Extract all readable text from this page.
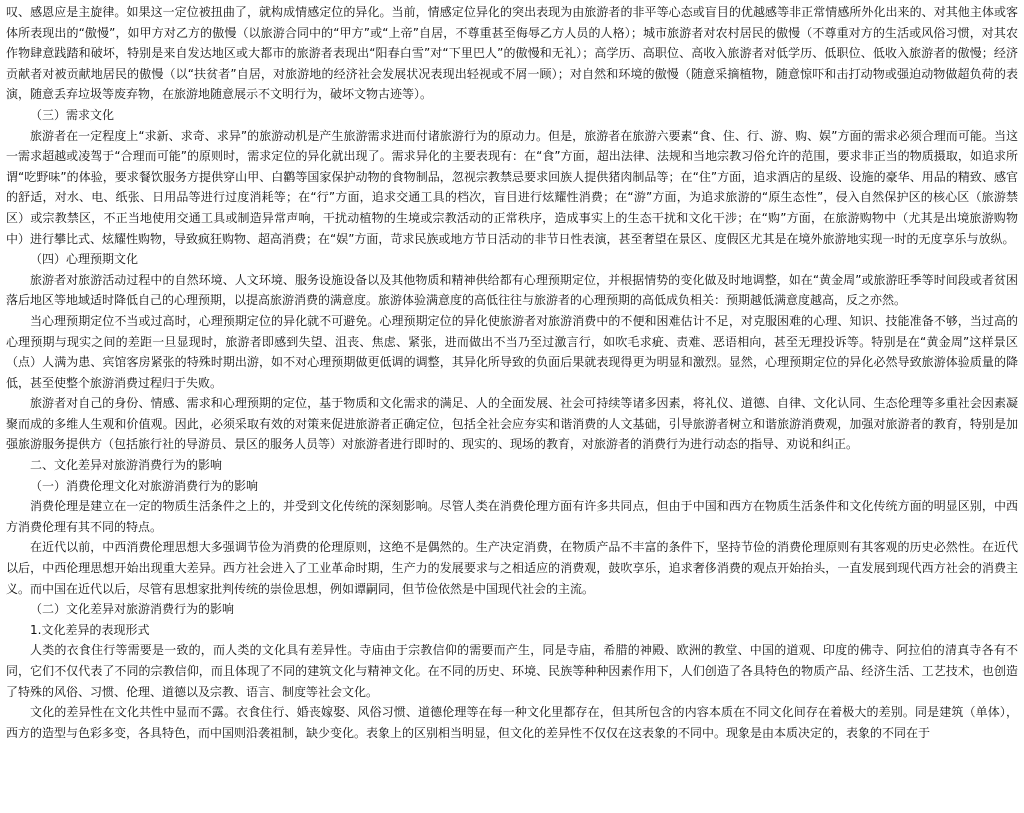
叹、感恩应是主旋律。如果这一定位被扭曲了，就构成情感定位的异化。当前，情感定位异化的突出表现为由旅游者的非平等心态或盲目的优越感等非正常情感所外化出来的、对其他主体或客体所表现出的“傲慢”，如甲方对乙方的傲慢（以旅游合同中的“甲方”或“上帝”自居，不尊重甚至侮辱乙方人员的人格）；城市旅游者对农村居民的傲慢（不尊重对方的生活或风俗习惯，对其农作物肆意践踏和破坏，特别是来自发达地区或大都市的旅游者表现出“阳春白雪”对“下里巴人”的傲慢和无礼）；高学历、高职位、高收入旅游者对低学历、低职位、低收入旅游者的傲慢；经济贡献者对被贡献地居民的傲慢（以“扶贫者”自居，对旅游地的经济社会发展状况表现出轻视或不屑一顾）；对自然和环境的傲慢（随意采摘植物，随意惊吓和击打动物或强迫动物做超负荷的表演，随意丢弃垃圾等废弃物，在旅游地随意展示不文明行为，破坏文物古迹等）。

（三）需求文化

旅游者在一定程度上“求新、求奇、求异”的旅游动机是产生旅游需求进而付诸旅游行为的原动力。但是，旅游者在旅游六要素“食、住、行、游、购、娱”方面的需求必须合理而可能。当这一需求超越或凌驾于“合理而可能”的原则时，需求定位的异化就出现了。需求异化的主要表现有：在“食”方面，超出法律、法规和当地宗教习俗允许的范围，要求非正当的物质摄取，如追求所谓“吃野味”的体验，要求餐饮服务方提供穿山甲、白鹳等国家保护动物的食物制品，忽视宗教禁忌要求回族人提供猪肉制品等；在“住”方面，追求酒店的星级、设施的豪华、用品的精致、感官的舒适，对水、电、纸张、日用品等进行过度消耗等；在“行”方面，追求交通工具的档次，盲目进行炫耀性消费；在“游”方面，为追求旅游的“原生态性”，侵入自然保护区的核心区（旅游禁区）或宗教禁区，不正当地使用交通工具或制造异常声响，干扰动植物的生境或宗教活动的正常秩序，造成事实上的生态干扰和文化干涉；在“购”方面，在旅游购物中（尤其是出境旅游购物中）进行攀比式、炫耀性购物，导致疯狂购物、超高消费；在“娱”方面，苛求民族或地方节日活动的非节日性表演，甚至奢望在景区、度假区尤其是在境外旅游地实现一时的无度享乐与放纵。

（四）心理预期文化

旅游者对旅游活动过程中的自然环境、人文环境、服务设施设备以及其他物质和精神供给都有心理预期定位，并根据情势的变化做及时地调整，如在“黄金周”或旅游旺季等时间段或者贫困落后地区等地域适时降低自己的心理预期，以提高旅游消费的满意度。旅游体验满意度的高低往往与旅游者的心理预期的高低成负相关：预期越低满意度越高，反之亦然。

当心理预期定位不当或过高时，心理预期定位的异化就不可避免。心理预期定位的异化使旅游者对旅游消费中的不便和困难估计不足，对克服困难的心理、知识、技能准备不够，当过高的心理预期与现实之间的差距一旦显现时，旅游者即感到失望、沮丧、焦虑、紧张，进而做出不当乃至过激言行，如吹毛求疵、责难、恶语相向，甚至无理投诉等。特别是在“黄金周”这样景区（点）人满为患、宾馆客房紧张的特殊时期出游，如不对心理预期做更低调的调整，其异化所导致的负面后果就表现得更为明显和激烈。显然，心理预期定位的异化必然导致旅游体验质量的降低，甚至使整个旅游消费过程归于失败。

旅游者对自己的身份、情感、需求和心理预期的定位，基于物质和文化需求的满足、人的全面发展、社会可持续等诸多因素，将礼仪、道德、自律、文化认同、生态伦理等多重社会因素凝聚而成的多维人生观和价值观。因此，必须采取有效的对策来促进旅游者正确定位，包括全社会应夯实和谐消费的人文基础，引导旅游者树立和谐旅游消费观，加强对旅游者的教育，特别是加强旅游服务提供方（包括旅行社的导游员、景区的服务人员等）对旅游者进行即时的、现实的、现场的教育，对旅游者的消费行为进行动态的指导、劝说和纠正。

二、文化差异对旅游消费行为的影响

（一）消费伦理文化对旅游消费行为的影响

消费伦理是建立在一定的物质生活条件之上的，并受到文化传统的深刻影响。尽管人类在消费伦理方面有许多共同点，但由于中国和西方在物质生活条件和文化传统方面的明显区别，中西方消费伦理有其不同的特点。

在近代以前，中西消费伦理思想大多强调节俭为消费的伦理原则，这绝不是偶然的。生产决定消费，在物质产品不丰富的条件下，坚持节俭的消费伦理原则有其客观的历史必然性。在近代以后，中西伦理思想开始出现重大差异。西方社会进入了工业革命时期，生产力的发展要求与之相适应的消费观，鼓吹享乐，追求奢侈消费的观点开始抬头，一直发展到现代西方社会的消费主义。而中国在近代以后，尽管有思想家批判传统的崇俭思想，例如谭嗣同，但节俭依然是中国现代社会的主流。

（二）文化差异对旅游消费行为的影响

1.文化差异的表现形式

人类的衣食住行等需要是一致的，而人类的文化具有差异性。寺庙由于宗教信仰的需要而产生，同是寺庙，希腊的神殿、欧洲的教堂、中国的道观、印度的佛寺、阿拉伯的清真寺各有不同，它们不仅代表了不同的宗教信仰，而且体现了不同的建筑文化与精神文化。在不同的历史、环境、民族等种种因素作用下，人们创造了各具特色的物质产品、经济生活、工艺技术，也创造了特殊的风俗、习惯、伦理、道德以及宗教、语言、制度等社会文化。

文化的差异性在文化共性中显而不露。衣食住行、婚丧嫁娶、风俗习惯、道德伦理等在每一种文化里都存在，但其所包含的内容本质在不同文化间存在着极大的差别。同是建筑（单体），西方的造型与色彩多变，各具特色，而中国则沿袭祖制，缺少变化。表象上的区别相当明显，但文化的差异性不仅仅在这表象的不同中。现象是由本质决定的，表象的不同在于
